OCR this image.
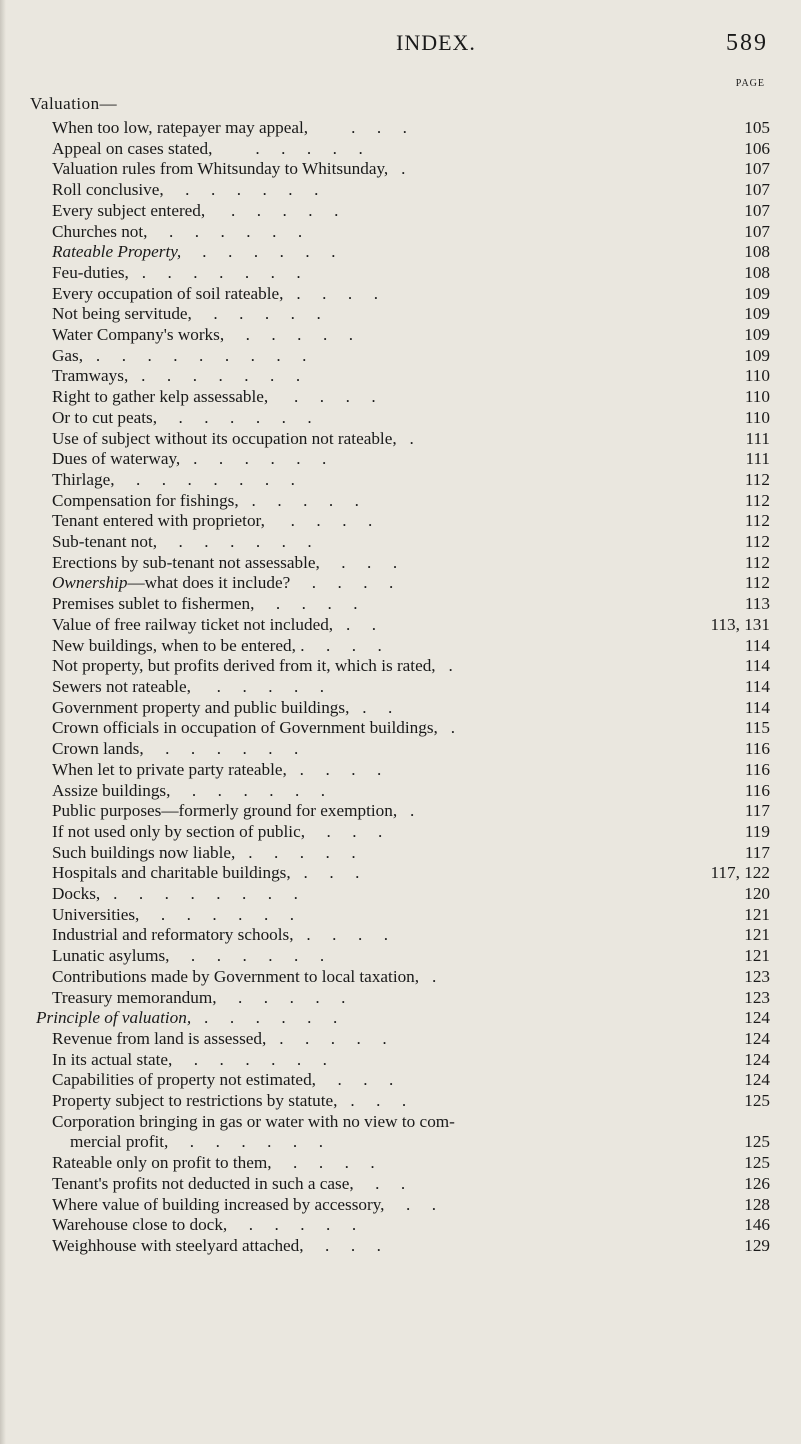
INDEX.	589
PAGE
Valuation—
When too low, ratepayer may appeal,          .     .     .	105
Appeal on cases stated,          .     .     .     .     .	106
Valuation rules from Whitsunday to Whitsunday,   .	107
Roll conclusive,     .     .     .     .     .     .	107
Every subject entered,      .     .     .     .     .	107
Churches not,     .     .     .     .     .     .	107
Rateable Property,     .     .     .     .     .     .	108
Feu-duties,   .     .     .     .     .     .     .	108
Every occupation of soil rateable,   .     .     .     .	109
Not being servitude,     .     .     .     .     .	109
Water Company's works,     .     .     .     .     .	109
Gas,   .     .     .     .     .     .     .     .     .	109
Tramways,   .     .     .     .     .     .     .	110
Right to gather kelp assessable,      .     .     .     .	110
Or to cut peats,     .     .     .     .     .     .	110
Use of subject without its occupation not rateable,   .	111
Dues of waterway,   .     .     .     .     .     .	111
Thirlage,     .     .     .     .     .     .     .	112
Compensation for fishings,   .     .     .     .     .	112
Tenant entered with proprietor,      .     .     .     .	112
Sub-tenant not,     .     .     .     .     .     .	112
Erections by sub-tenant not assessable,     .     .     .	112
Ownership—what does it include?     .     .     .     .	112
Premises sublet to fishermen,     .     .     .     .	113
Value of free railway ticket not included,   .     .	113, 131
New buildings, when to be entered, .     .     .     .	114
Not property, but profits derived from it, which is rated,   .	114
Sewers not rateable,      .     .     .     .     .	114
Government property and public buildings,   .     .	114
Crown officials in occupation of Government buildings,   .	115
Crown lands,     .     .     .     .     .     .	116
When let to private party rateable,   .     .     .     .	116
Assize buildings,     .     .     .     .     .     .	116
Public purposes—formerly ground for exemption,   .	117
If not used only by section of public,     .     .     .	119
Such buildings now liable,   .     .     .     .     .	117
Hospitals and charitable buildings,   .     .     .	117, 122
Docks,   .     .     .     .     .     .     .     .	120
Universities,     .     .     .     .     .     .	121
Industrial and reformatory schools,   .     .     .     .	121
Lunatic asylums,     .     .     .     .     .     .	121
Contributions made by Government to local taxation,   .	123
Treasury memorandum,     .     .     .     .     .	123
Principle of valuation,   .     .     .     .     .     .	124
Revenue from land is assessed,   .     .     .     .     .	124
In its actual state,     .     .     .     .     .     .	124
Capabilities of property not estimated,     .     .     .	124
Property subject to restrictions by statute,   .     .     .	125
Corporation bringing in gas or water with no view to com-
mercial profit,     .     .     .     .     .     .	125
Rateable only on profit to them,     .     .     .     .	125
Tenant's profits not deducted in such a case,     .     .	126
Where value of building increased by accessory,     .     .	128
Warehouse close to dock,     .     .     .     .     .	146
Weighhouse with steelyard attached,     .     .     .	129
